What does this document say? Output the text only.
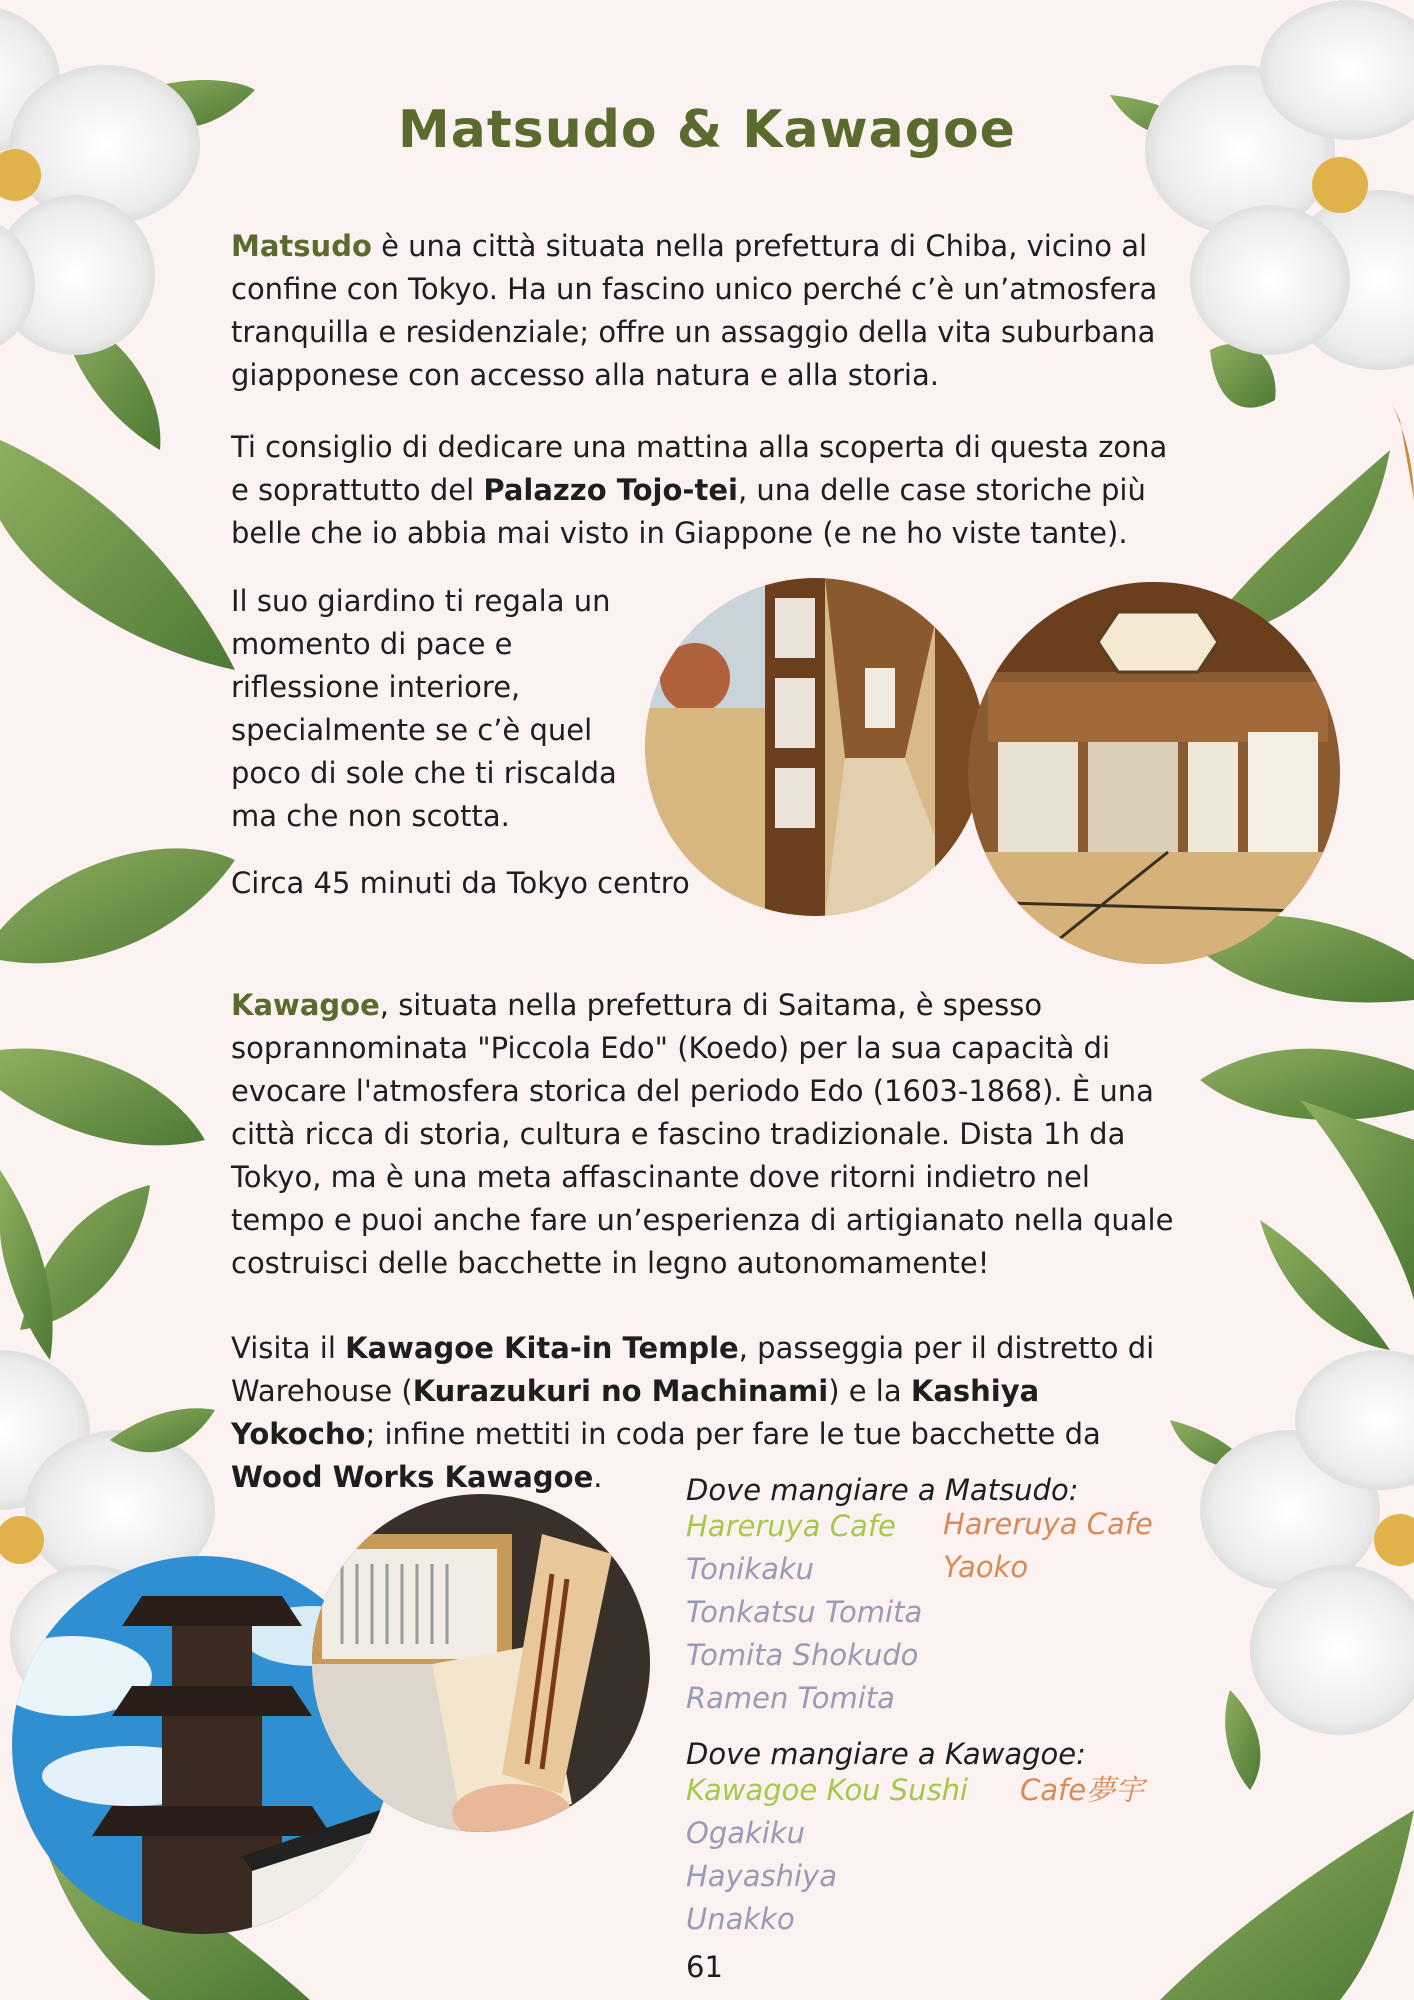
Matsudo & Kawagoe

Matsudo è una città situata nella prefettura di Chiba, vicino al confine con Tokyo. Ha un fascino unico perché c’è un’atmosfera tranquilla e residenziale; offre un assaggio della vita suburbana giapponese con accesso alla natura e alla storia.

Ti consiglio di dedicare una mattina alla scoperta di questa zona e soprattutto del Palazzo Tojo-tei, una delle case storiche più belle che io abbia mai visto in Giappone (e ne ho viste tante).

Il suo giardino ti regala un momento di pace e riflessione interiore, specialmente se c’è quel poco di sole che ti riscalda ma che non scotta.

Circa 45 minuti da Tokyo centro

Kawagoe, situata nella prefettura di Saitama, è spesso soprannominata "Piccola Edo" (Koedo) per la sua capacità di evocare l'atmosfera storica del periodo Edo (1603-1868). È una città ricca di storia, cultura e fascino tradizionale. Dista 1h da Tokyo, ma è una meta affascinante dove ritorni indietro nel tempo e puoi anche fare un’esperienza di artigianato nella quale costruisci delle bacchette in legno autonomamente!

Visita il Kawagoe Kita-in Temple, passeggia per il distretto di Warehouse (Kurazukuri no Machinami) e la Kashiya Yokocho; infine mettiti in coda per fare le tue bacchette da Wood Works Kawagoe.	Dove mangiare a Matsudo:
Hareruya Cafe
Tonikaku
Tonkatsu Tomita
Tomita Shokudo
Ramen Tomita
Hareruya Cafe
Yaoko
Dove mangiare a Kawagoe:
Kawagoe Kou Sushi
Ogakiku
Hayashiya
Unakko
Cafe夢宇
61
